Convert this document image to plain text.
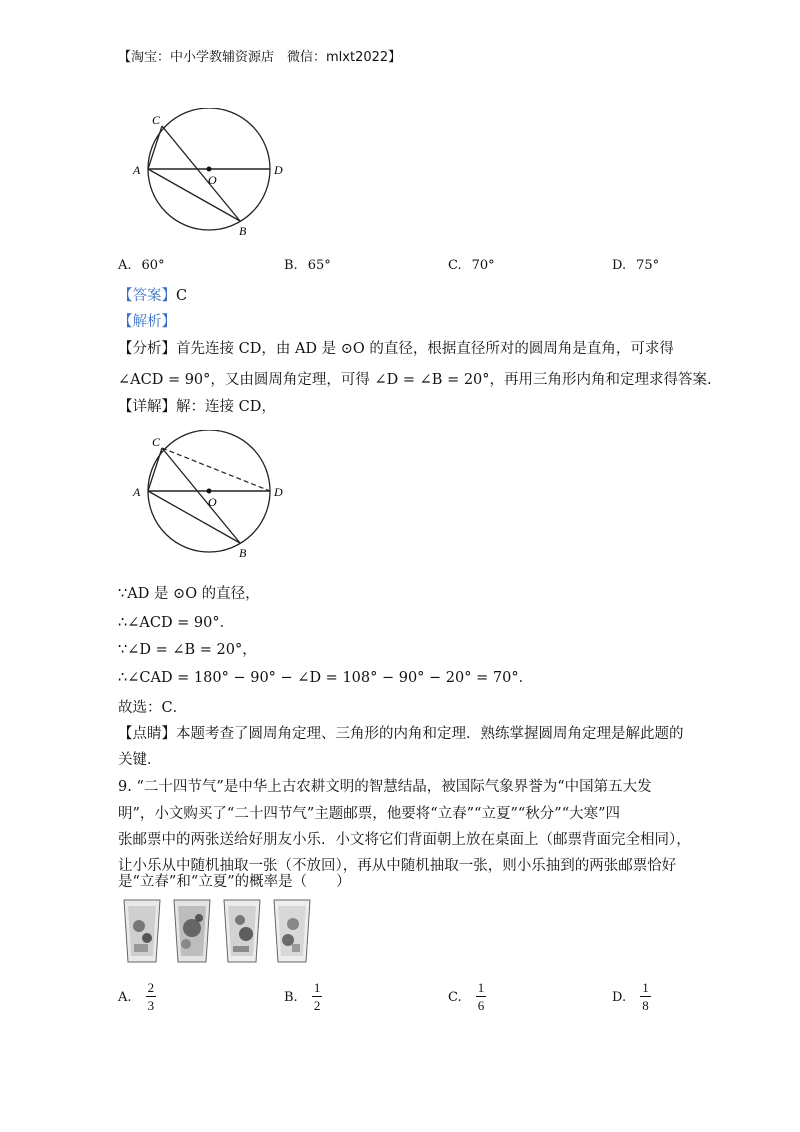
【淘宝：中小学教辅资源店　微信：mlxt2022】
C
A
O
D
B
A. 60°	B. 65°	C. 70°	D. 75°
【答案】C
【解析】
【分析】首先连接 CD，由 AD 是 ⊙O 的直径，根据直径所对的圆周角是直角，可求得
∠ACD = 90°，又由圆周角定理，可得 ∠D = ∠B = 20°，再用三角形内角和定理求得答案.
【详解】解：连接 CD，
C
A
O
D
B
∵AD 是 ⊙O 的直径，
∴∠ACD = 90°．
∵∠D = ∠B = 20°，
∴∠CAD = 180° − 90° − ∠D = 108° − 90° − 20° = 70°．
故选：C．
【点睛】本题考查了圆周角定理、三角形的内角和定理．熟练掌握圆周角定理是解此题的
关键．
9. “二十四节气”是中华上古农耕文明的智慧结晶，被国际气象界誉为“中国第五大发
明”，小文购买了“二十四节气”主题邮票，他要将“立春”“立夏”“秋分”“大寒”四
张邮票中的两张送给好朋友小乐．小文将它们背面朝上放在桌面上（邮票背面完全相同），
让小乐从中随机抽取一张（不放回），再从中随机抽取一张，则小乐抽到的两张邮票恰好
是“立春”和“立夏”的概率是（　　）
A. $\frac{2}{3}$	B. $\frac{1}{2}$	C. $\frac{1}{6}$	D. $\frac{1}{8}$
